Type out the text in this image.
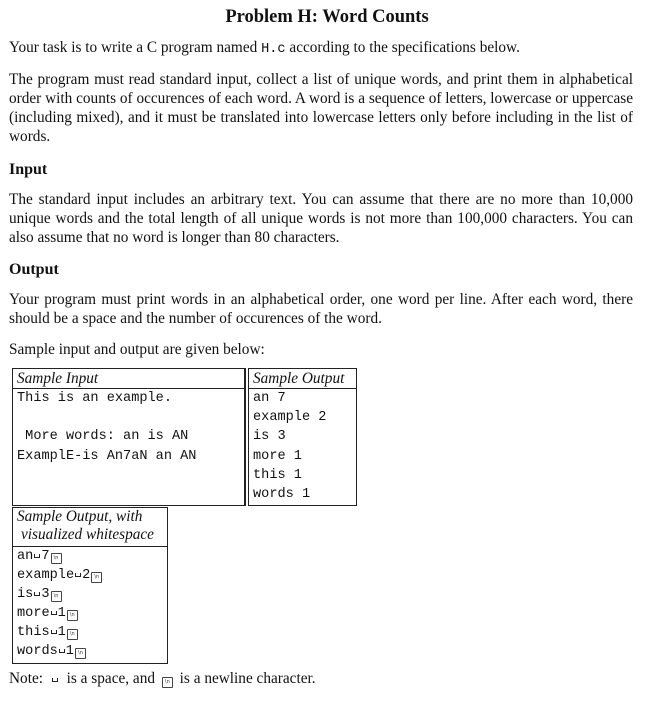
Problem H: Word Counts
Your task is to write a C program named H.c according to the specifications below.
The program must read standard input, collect a list of unique words, and print them in alphabetical order with counts of occurences of each word. A word is a sequence of letters, lowercase or uppercase (including mixed), and it must be translated into lowercase letters only before including in the list of words.
Input
The standard input includes an arbitrary text. You can assume that there are no more than 10,000 unique words and the total length of all unique words is not more than 100,000 characters. You can also assume that no word is longer than 80 characters.
Output
Your program must print words in an alphabetical order, one word per line. After each word, there should be a space and the number of occurences of the word.
Sample input and output are given below:
Sample Input
This is an example.
More words: an is AN
ExamplE-is An7aN an AN
Sample Output
an 7
example 2
is 3
more 1
this 1
words 1
Sample Output, with
visualized whitespace
an 7 \n
example 2 \n
is 3 \n
more 1 \n
this 1 \n
words 1 \n
Note: is a space, and \n is a newline character.
